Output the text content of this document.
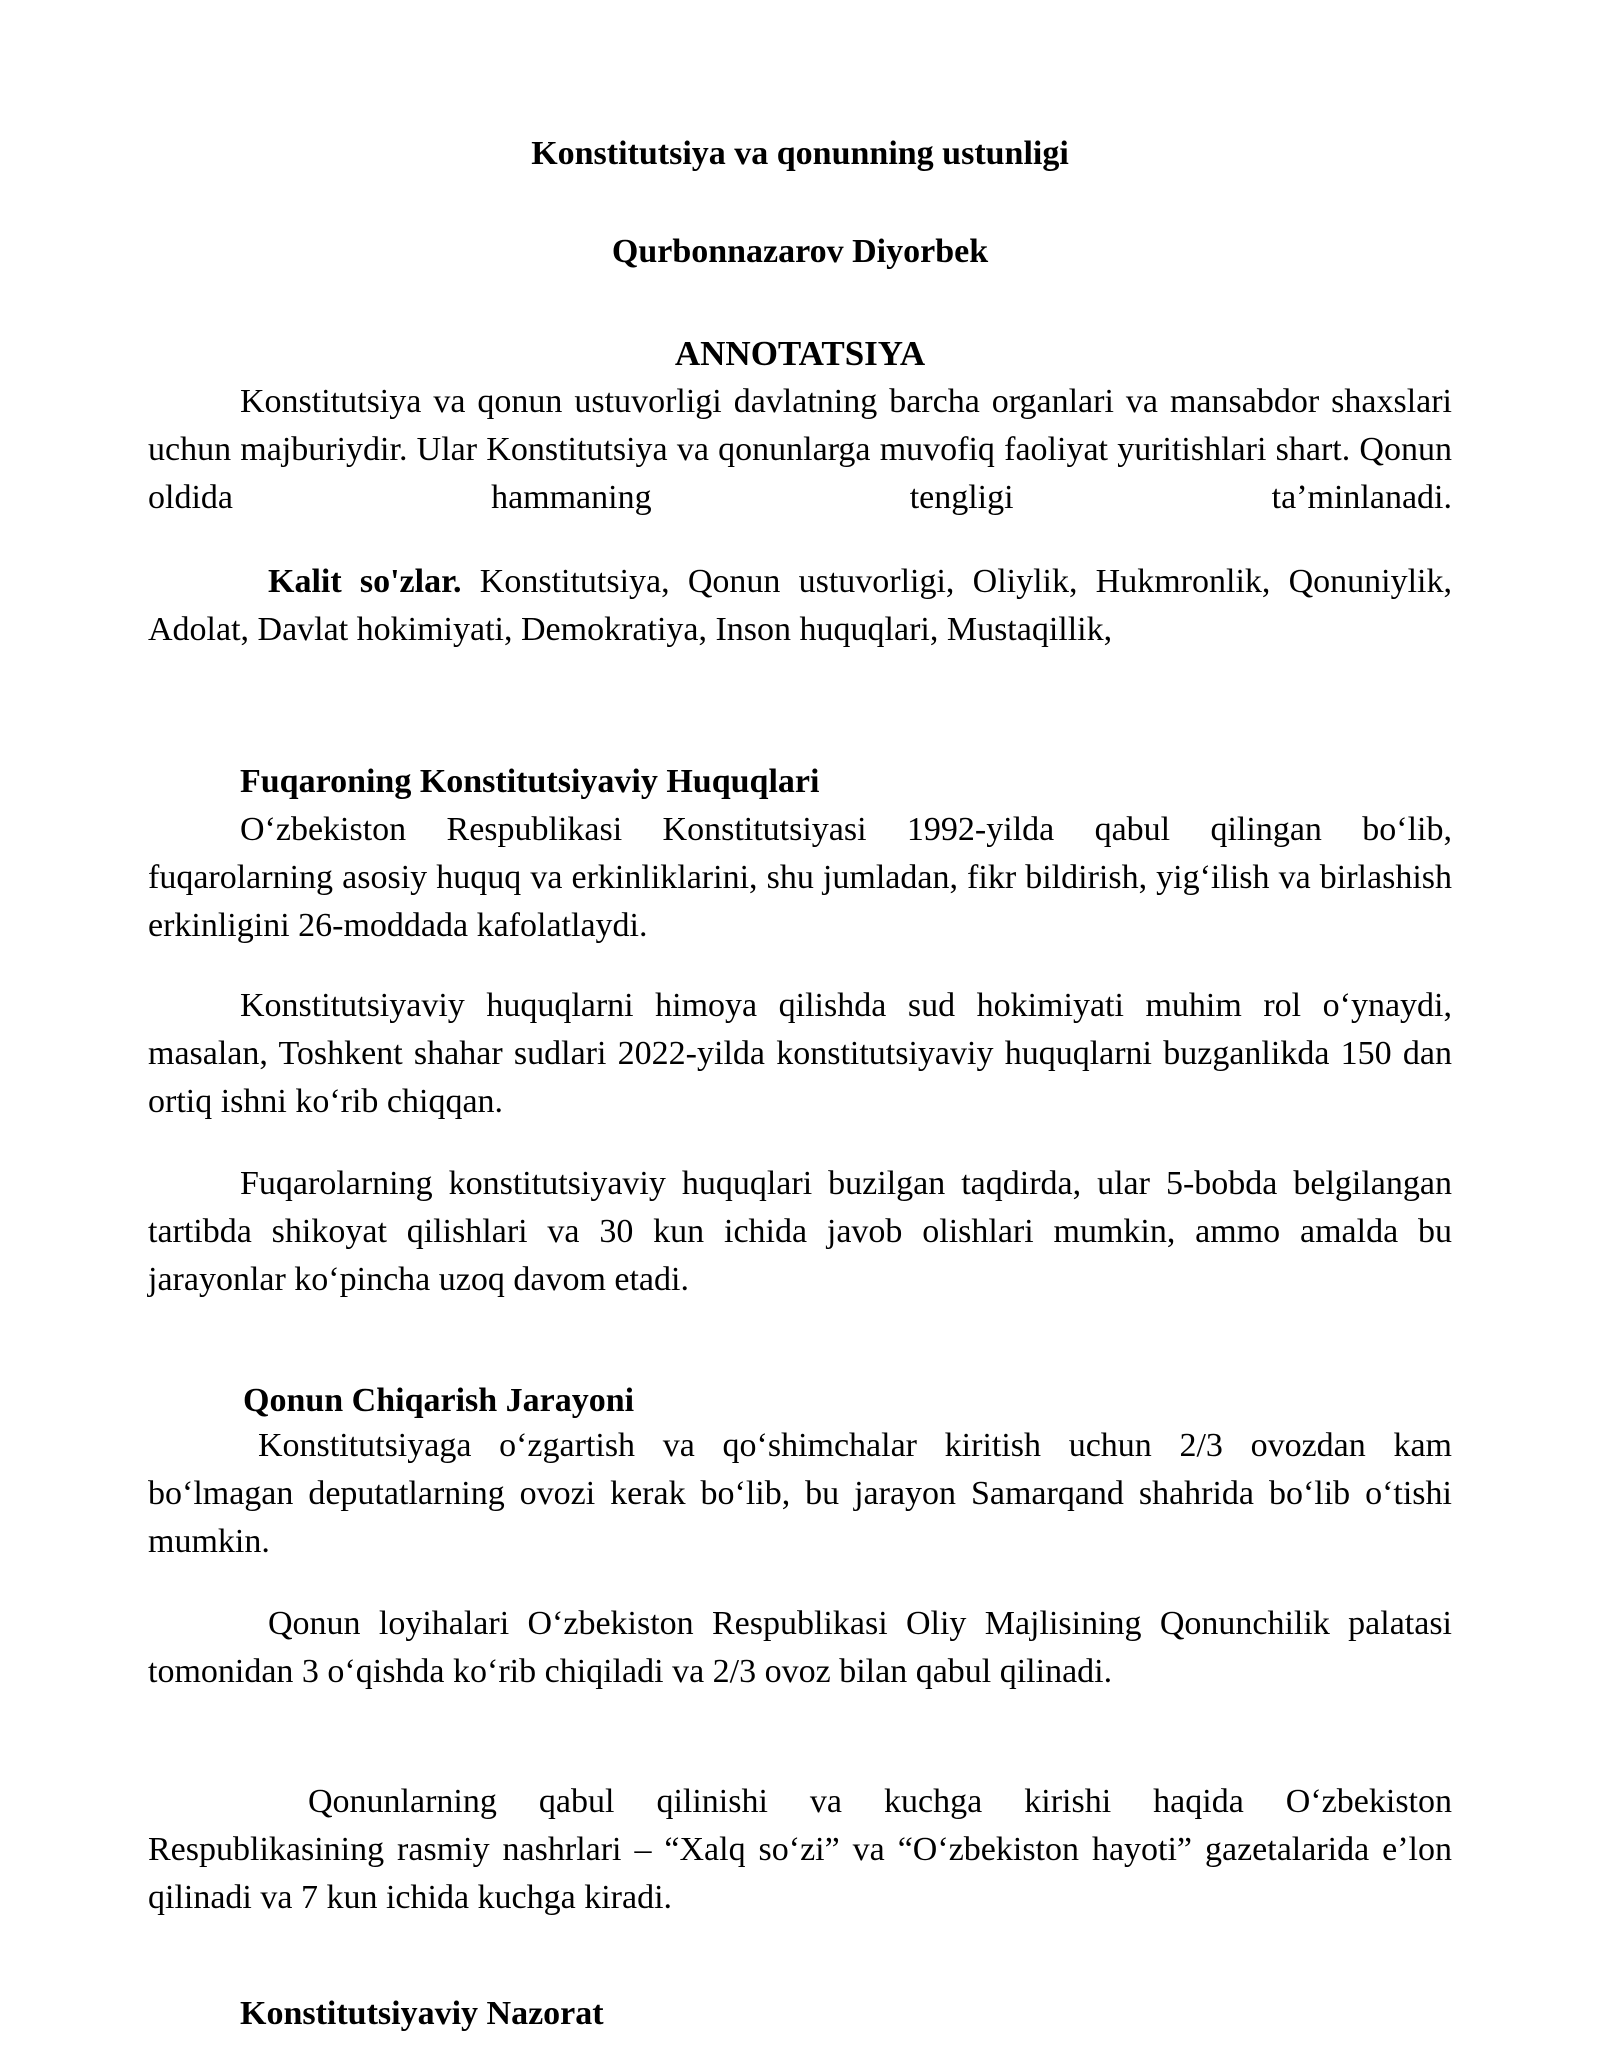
Konstitutsiya va qonunning ustunligi
Qurbonnazarov Diyorbek
ANNOTATSIYA
Konstitutsiya va qonun ustuvorligi davlatning barcha organlari va mansabdor shaxslari uchun majburiydir. Ular Konstitutsiya va qonunlarga muvofiq faoliyat yuritishlari shart. Qonun oldida hammaning tengligi taʼminlanadi.
Kalit so'zlar. Konstitutsiya, Qonun ustuvorligi, Oliylik, Hukmronlik, Qonuniylik, Adolat, Davlat hokimiyati, Demokratiya, Inson huquqlari, Mustaqillik,
Fuqaroning Konstitutsiyaviy Huquqlari
Oʻzbekiston Respublikasi Konstitutsiyasi 1992-yilda qabul qilingan boʻlib, fuqarolarning asosiy huquq va erkinliklarini, shu jumladan, fikr bildirish, yigʻilish va birlashish erkinligini 26-moddada kafolatlaydi.
Konstitutsiyaviy huquqlarni himoya qilishda sud hokimiyati muhim rol oʻynaydi, masalan, Toshkent shahar sudlari 2022-yilda konstitutsiyaviy huquqlarni buzganlikda 150 dan ortiq ishni koʻrib chiqqan.
Fuqarolarning konstitutsiyaviy huquqlari buzilgan taqdirda, ular 5-bobda belgilangan tartibda shikoyat qilishlari va 30 kun ichida javob olishlari mumkin, ammo amalda bu jarayonlar koʻpincha uzoq davom etadi.
Qonun Chiqarish Jarayoni
Konstitutsiyaga oʻzgartish va qoʻshimchalar kiritish uchun 2/3 ovozdan kam boʻlmagan deputatlarning ovozi kerak boʻlib, bu jarayon Samarqand shahrida boʻlib oʻtishi mumkin.
Qonun loyihalari Oʻzbekiston Respublikasi Oliy Majlisining Qonunchilik palatasi tomonidan 3 oʻqishda koʻrib chiqiladi va 2/3 ovoz bilan qabul qilinadi.
Qonunlarning qabul qilinishi va kuchga kirishi haqida Oʻzbekiston Respublikasining rasmiy nashrlari – “Xalq soʻzi” va “Oʻzbekiston hayoti” gazetalarida eʼlon qilinadi va 7 kun ichida kuchga kiradi.
Konstitutsiyaviy Nazorat
